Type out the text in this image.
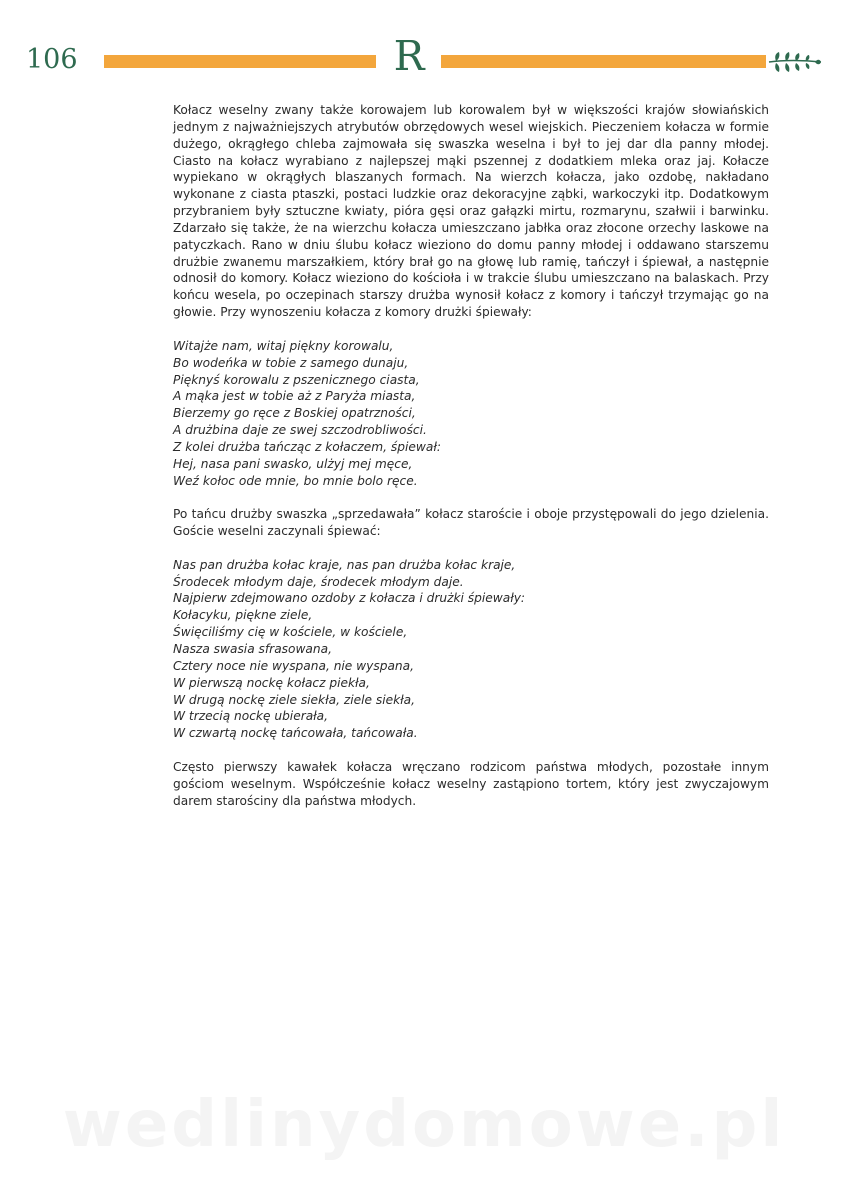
106	R

Kołacz weselny zwany także korowajem lub korowalem był w większości krajów słowiańskich jednym z najważniejszych atrybutów obrzędowych wesel wiejskich. Pieczeniem kołacza w formie dużego, okrągłego chleba zajmowała się swaszka weselna i był to jej dar dla panny młodej. Ciasto na kołacz wyrabiano z najlepszej mąki pszennej z dodatkiem mleka oraz jaj. Kołacze wypiekano w okrągłych blaszanych formach. Na wierzch kołacza, jako ozdobę, nakładano wykonane z ciasta ptaszki, postaci ludzkie oraz dekoracyjne ząbki, warkoczyki itp. Dodatkowym przybraniem były sztuczne kwiaty, pióra gęsi oraz gałązki mirtu, rozmarynu, szałwii i barwinku. Zdarzało się także, że na wierzchu kołacza umieszczano jabłka oraz złocone orzechy laskowe na patyczkach. Rano w dniu ślubu kołacz wieziono do domu panny młodej i oddawano starszemu drużbie zwanemu marszałkiem, który brał go na głowę lub ramię, tańczył i śpiewał, a następnie odnosił do komory. Kołacz wieziono do kościoła i w trakcie ślubu umieszczano na balaskach. Przy końcu wesela, po oczepinach starszy drużba wynosił kołacz z komory i tańczył trzymając go na głowie. Przy wynoszeniu kołacza z komory drużki śpiewały:

Witajże nam, witaj piękny korowalu,
Bo wodeńka w tobie z samego dunaju,
Pięknyś korowalu z pszenicznego ciasta,
A mąka jest w tobie aż z Paryża miasta,
Bierzemy go ręce z Boskiej opatrzności,
A drużbina daje ze swej szczodrobliwości.
Z kolei drużba tańcząc z kołaczem, śpiewał:
Hej, nasa pani swasko, ulżyj mej męce,
Weź kołoc ode mnie, bo mnie bolo ręce.

Po tańcu drużby swaszka „sprzedawała” kołacz staroście i oboje przystępowali do jego dzielenia. Goście weselni zaczynali śpiewać:

Nas pan drużba kołac kraje, nas pan drużba kołac kraje,
Środecek młodym daje, środecek młodym daje.
Najpierw zdejmowano ozdoby z kołacza i drużki śpiewały:
Kołacyku, piękne ziele,
Święciliśmy cię w kościele, w kościele,
Nasza swasia sfrasowana,
Cztery noce nie wyspana, nie wyspana,
W pierwszą nockę kołacz piekła,
W drugą nockę ziele siekła, ziele siekła,
W trzecią nockę ubierała,
W czwartą nockę tańcowała, tańcowała.

Często pierwszy kawałek kołacza wręczano rodzicom państwa młodych, pozostałe innym gościom weselnym. Współcześnie kołacz weselny zastąpiono tortem, który jest zwyczajowym darem starościny dla państwa młodych.

wedlinydomowe.pl
